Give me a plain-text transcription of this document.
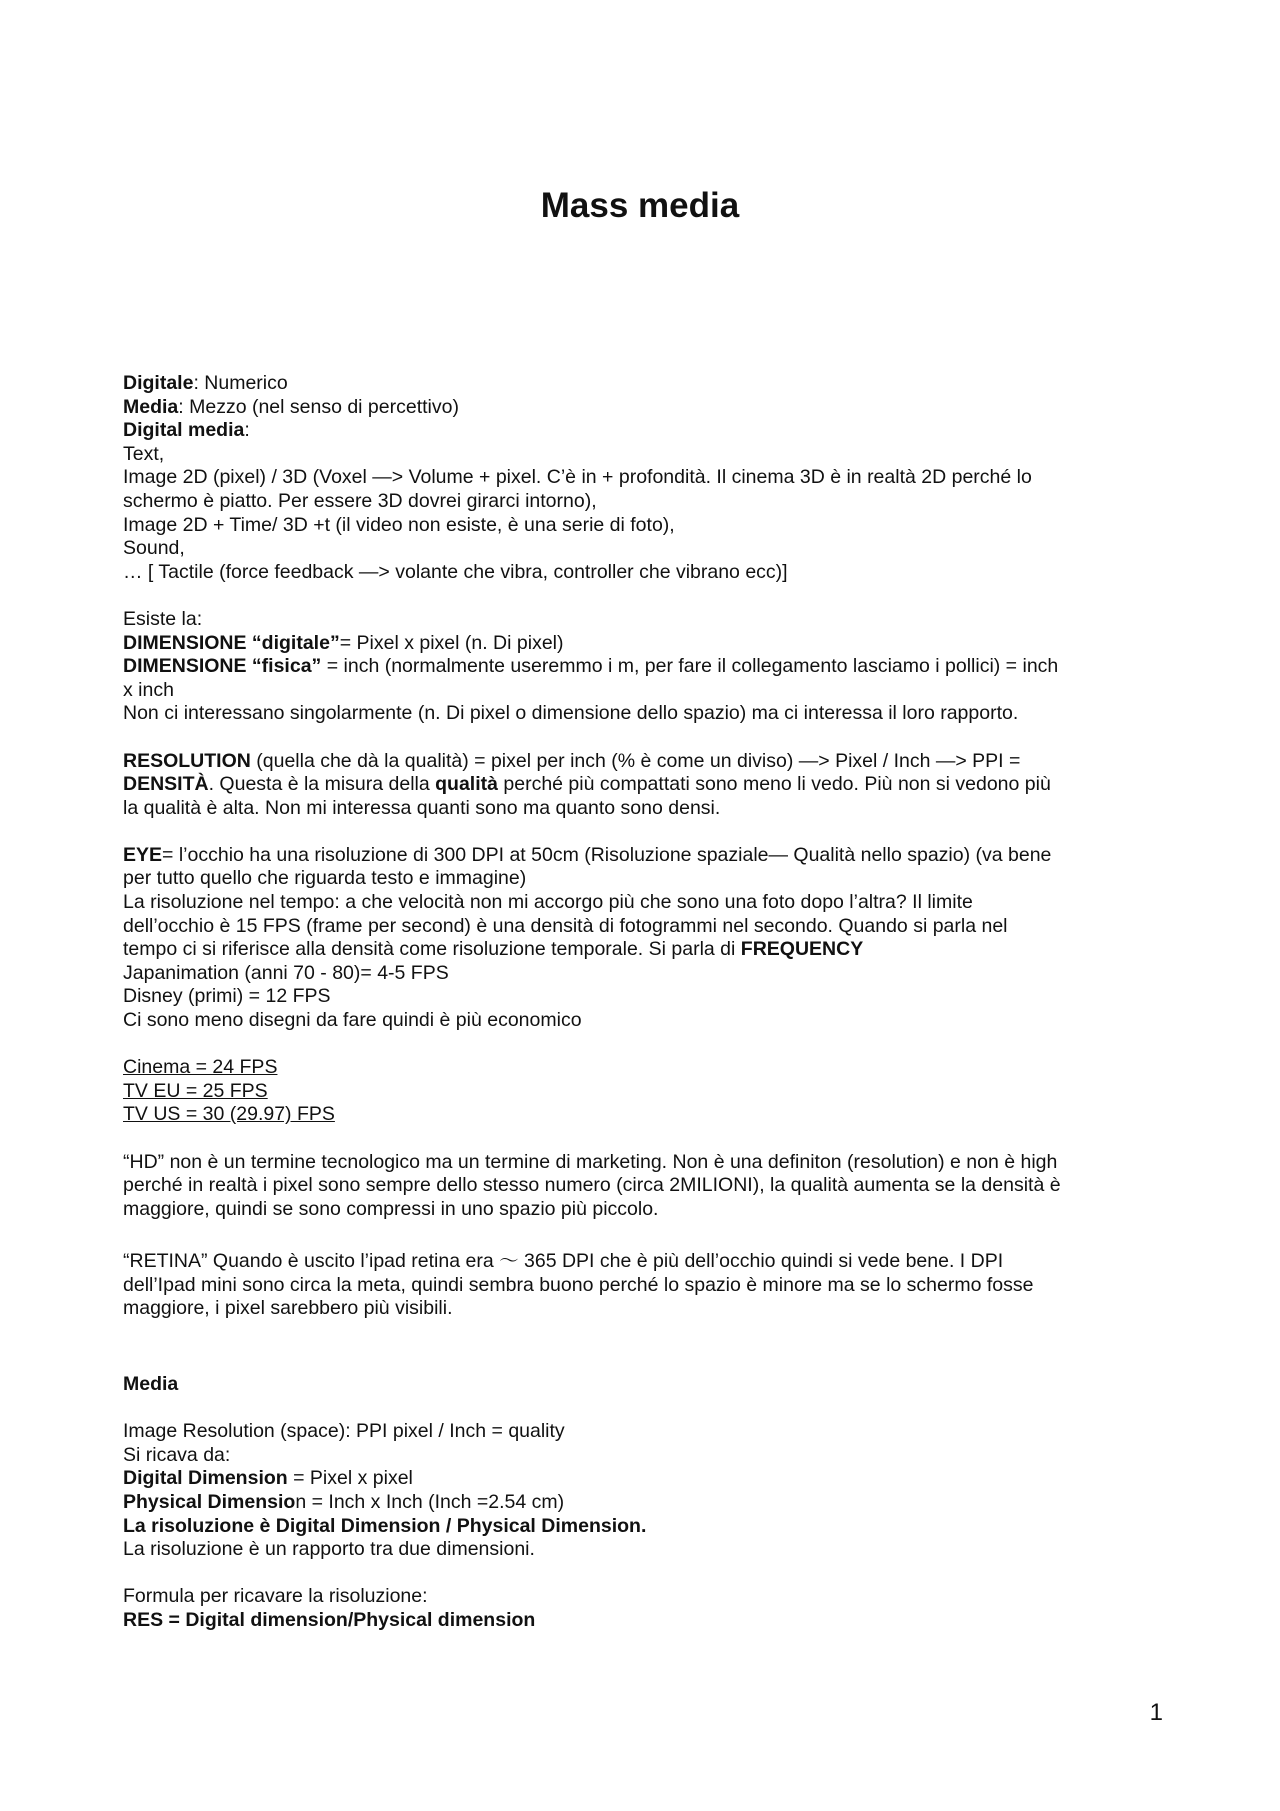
Mass media
Digitale: Numerico
Media: Mezzo (nel senso di percettivo)
Digital media:
Text,
Image 2D (pixel) / 3D (Voxel —> Volume + pixel. C’è in + profondità. Il cinema 3D è in realtà 2D perché lo
schermo è piatto. Per essere 3D dovrei girarci intorno),
Image 2D + Time/ 3D +t (il video non esiste, è una serie di foto),
Sound,
… [ Tactile (force feedback —> volante che vibra, controller che vibrano ecc)]
Esiste la:
DIMENSIONE “digitale”= Pixel x pixel (n. Di pixel)
DIMENSIONE “fisica” = inch (normalmente useremmo i m, per fare il collegamento lasciamo i pollici) = inch
x inch
Non ci interessano singolarmente (n. Di pixel o dimensione dello spazio) ma ci interessa il loro rapporto.
RESOLUTION (quella che dà la qualità) = pixel per inch (% è come un diviso) —> Pixel / Inch —> PPI =
DENSITÀ. Questa è la misura della qualità perché più compattati sono meno li vedo. Più non si vedono più
la qualità è alta. Non mi interessa quanti sono ma quanto sono densi.
EYE= l’occhio ha una risoluzione di 300 DPI at 50cm (Risoluzione spaziale— Qualità nello spazio) (va bene
per tutto quello che riguarda testo e immagine)
La risoluzione nel tempo: a che velocità non mi accorgo più che sono una foto dopo l’altra? Il limite
dell’occhio è 15 FPS (frame per second) è una densità di fotogrammi nel secondo. Quando si parla nel
tempo ci si riferisce alla densità come risoluzione temporale. Si parla di FREQUENCY
Japanimation (anni 70 - 80)= 4-5 FPS
Disney (primi) = 12 FPS
Ci sono meno disegni da fare quindi è più economico
Cinema = 24 FPS
TV EU = 25 FPS
TV US = 30 (29.97) FPS
“HD” non è un termine tecnologico ma un termine di marketing. Non è una definiton (resolution) e non è high
perché in realtà i pixel sono sempre dello stesso numero (circa 2MILIONI), la qualità aumenta se la densità è
maggiore, quindi se sono compressi in uno spazio più piccolo.
“RETINA” Quando è uscito l’ipad retina era 〜 365 DPI che è più dell’occhio quindi si vede bene. I DPI
dell’Ipad mini sono circa la meta, quindi sembra buono perché lo spazio è minore ma se lo schermo fosse
maggiore, i pixel sarebbero più visibili.
Media
Image Resolution (space): PPI pixel / Inch = quality
Si ricava da:
Digital Dimension = Pixel x pixel
Physical Dimension = Inch x Inch (Inch =2.54 cm)
La risoluzione è Digital Dimension / Physical Dimension.
La risoluzione è un rapporto tra due dimensioni.
Formula per ricavare la risoluzione:
RES = Digital dimension/Physical dimension
1
